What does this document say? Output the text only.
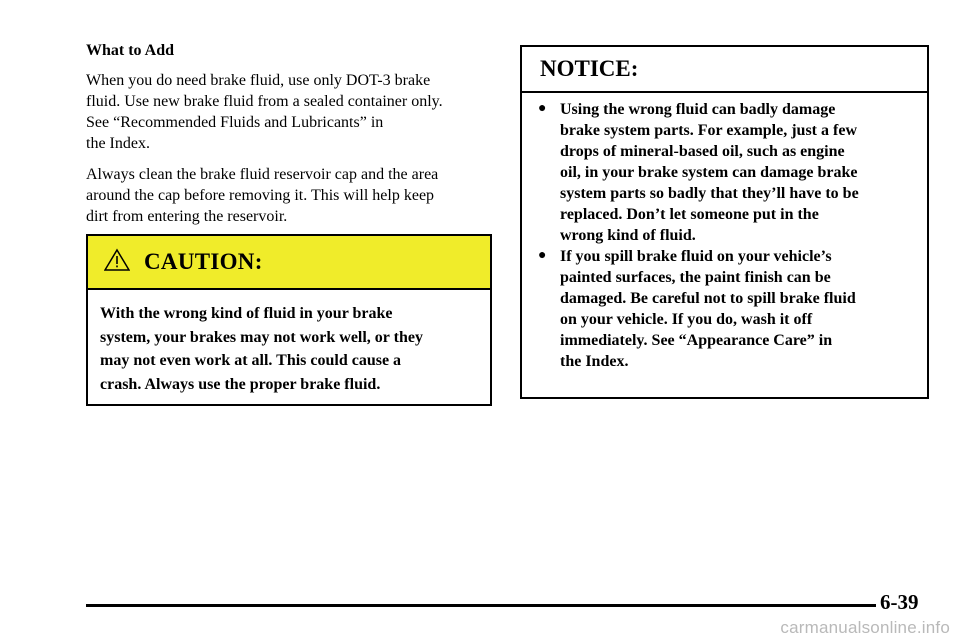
What to Add
When you do need brake fluid, use only DOT-3 brake
fluid. Use new brake fluid from a sealed container only.
See “Recommended Fluids and Lubricants” in
the Index.
Always clean the brake fluid reservoir cap and the area
around the cap before removing it. This will help keep
dirt from entering the reservoir.
CAUTION:
With the wrong kind of fluid in your brake
system, your brakes may not work well, or they
may not even work at all. This could cause a
crash. Always use the proper brake fluid.
NOTICE:
● Using the wrong fluid can badly damage
brake system parts. For example, just a few
drops of mineral‐based oil, such as engine
oil, in your brake system can damage brake
system parts so badly that they’ll have to be
replaced. Don’t let someone put in the
wrong kind of fluid.
● If you spill brake fluid on your vehicle’s
painted surfaces, the paint finish can be
damaged. Be careful not to spill brake fluid
on your vehicle. If you do, wash it off
immediately. See “Appearance Care” in
the Index.
6-39
carmanualsonline.info
